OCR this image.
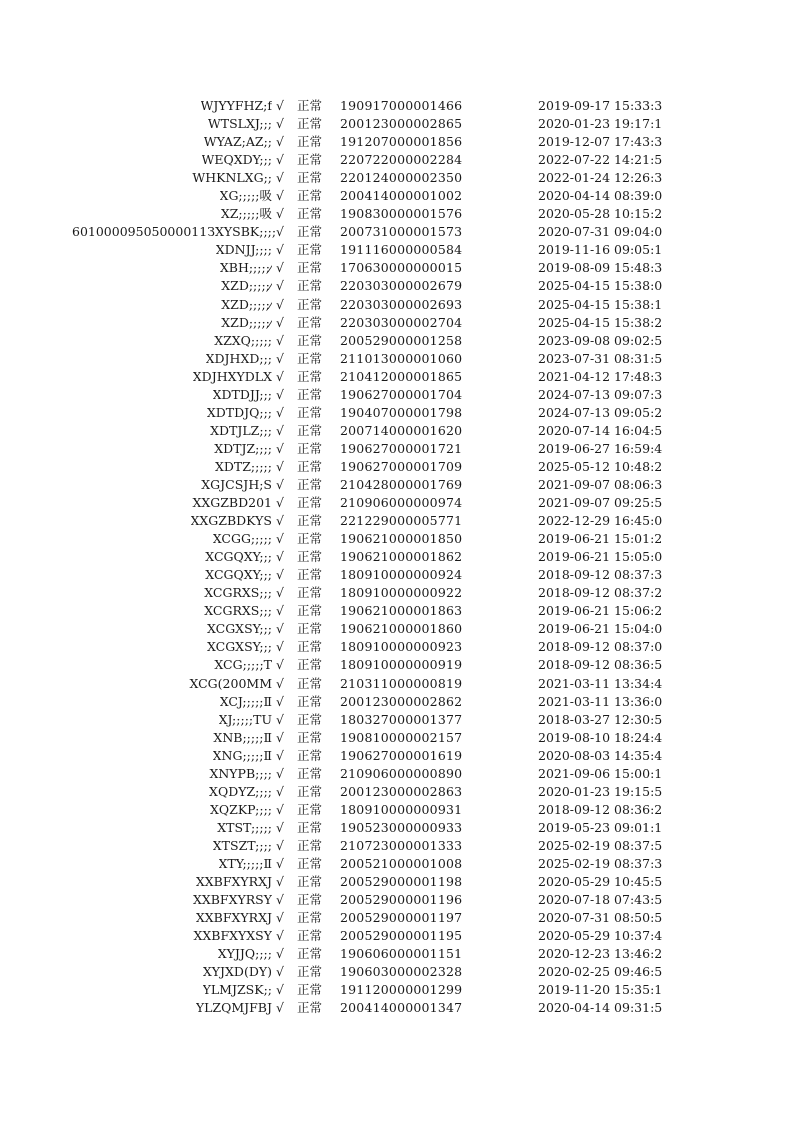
WJYYFHZ;f √ 正常 190917000001466	2019-09-17 15:33:3
WTSLXJ;;; √ 正常 200123000002865	2020-01-23 19:17:1
WYAZ;AZ;; √ 正常 191207000001856	2019-12-07 17:43:3
WEQXDY;;; √ 正常 220722000002284	2022-07-22 14:21:5
WHKNLXG;; √ 正常 220124000002350	2022-01-24 12:26:3
XG;;;;;吸 √ 正常 200414000001002	2020-04-14 08:39:0
XZ;;;;;吸 √ 正常 190830000001576	2020-05-28 10:15:2
60100009505000011ЗXYSBK;;;; √ 正常 200731000001573	2020-07-31 09:04:0
XDNJJ;;;; √ 正常 191116000000584	2019-11-16 09:05:1
XBH;;;;;⁄ √ 正常 170630000000015	2019-08-09 15:48:3
XZD;;;;;⁄ √ 正常 220303000002679	2025-04-15 15:38:0
XZD;;;;;⁄ √ 正常 220303000002693	2025-04-15 15:38:1
XZD;;;;;⁄ √ 正常 220303000002704	2025-04-15 15:38:2
XZXQ;;;;; √ 正常 200529000001258	2023-09-08 09:02:5
XDJHXD;;; √ 正常 211013000001060	2023-07-31 08:31:5
XDJHXYDLX √ 正常 210412000001865	2021-04-12 17:48:3
XDTDJJ;;; √ 正常 190627000001704	2024-07-13 09:07:3
XDTDJQ;;; √ 正常 190407000001798	2024-07-13 09:05:2
XDTJLZ;;; √ 正常 200714000001620	2020-07-14 16:04:5
XDTJZ;;;; √ 正常 190627000001721	2019-06-27 16:59:4
XDTZ;;;;; √ 正常 190627000001709	2025-05-12 10:48:2
XGJCSJH;S √ 正常 210428000001769	2021-09-07 08:06:3
XXGZBD201 √ 正常 210906000000974	2021-09-07 09:25:5
XXGZBDKYS √ 正常 221229000005771	2022-12-29 16:45:0
XCGG;;;;; √ 正常 190621000001850	2019-06-21 15:01:2
XCGQXY;;; √ 正常 190621000001862	2019-06-21 15:05:0
XCGQXY;;; √ 正常 180910000000924	2018-09-12 08:37:3
XCGRXS;;; √ 正常 180910000000922	2018-09-12 08:37:2
XCGRXS;;; √ 正常 190621000001863	2019-06-21 15:06:2
XCGXSY;;; √ 正常 190621000001860	2019-06-21 15:04:0
XCGXSY;;; √ 正常 180910000000923	2018-09-12 08:37:0
XCG;;;;;T √ 正常 180910000000919	2018-09-12 08:36:5
XCG(200MM √ 正常 210311000000819	2021-03-11 13:34:4
XCJ;;;;;Ⅱ √ 正常 200123000002862	2021-03-11 13:36:0
XJ;;;;;TU √ 正常 180327000001377	2018-03-27 12:30:5
XNB;;;;;Ⅱ √ 正常 190810000002157	2019-08-10 18:24:4
XNG;;;;;Ⅱ √ 正常 190627000001619	2020-08-03 14:35:4
XNYPB;;;; √ 正常 210906000000890	2021-09-06 15:00:1
XQDYZ;;;; √ 正常 200123000002863	2020-01-23 19:15:5
XQZKP;;;; √ 正常 180910000000931	2018-09-12 08:36:2
XTST;;;;; √ 正常 190523000000933	2019-05-23 09:01:1
XTSZT;;;; √ 正常 210723000001333	2025-02-19 08:37:5
XTY;;;;;Ⅱ √ 正常 200521000001008	2025-02-19 08:37:3
XXBFXYRXJ √ 正常 200529000001198	2020-05-29 10:45:5
XXBFXYRSY √ 正常 200529000001196	2020-07-18 07:43:5
XXBFXYRXJ √ 正常 200529000001197	2020-07-31 08:50:5
XXBFXYXSY √ 正常 200529000001195	2020-05-29 10:37:4
XYJJQ;;;; √ 正常 190606000001151	2020-12-23 13:46:2
XYJXD(DY) √ 正常 190603000002328	2020-02-25 09:46:5
YLMJZSK;; √ 正常 191120000001299	2019-11-20 15:35:1
YLZQMJFBJ √ 正常 200414000001347	2020-04-14 09:31:5
